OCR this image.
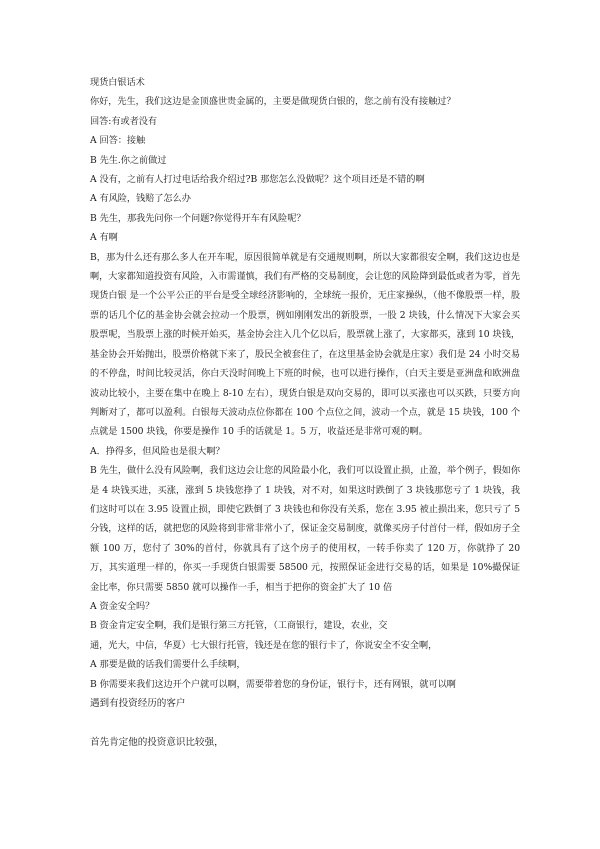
现货白银话术

你好，先生，我们这边是金顶盛世贵金属的，主要是做现货白银的，您之前有没有接触过？

回答:有或者没有

A 回答：接触

B 先生.你之前做过

A 没有，之前有人打过电话给我介绍过?B 那您怎么没做呢？这个项目还是不错的啊

A 有风险，钱赔了怎么办

B 先生，那我先问你一个问题?你觉得开车有风险呢？

A 有啊

B，那为什么还有那么多人在开车呢，原因很简单就是有交通规则啊，所以大家都很安全啊，我们这边也是啊，大家都知道投资有风险，入市需谨慎，我们有严格的交易制度，会让您的风险降到最低或者为零，首先现货白银 是一个公平公正的平台是受全球经济影响的，全球统一报价，无庄家操纵，（他不像股票一样，股票的话几个亿的基金协会就会拉动一个股票，例如刚刚发出的新股票，一股 2 块钱，什么情况下大家会买股票呢，当股票上涨的时候开始买，基金协会注入几个亿以后，股票就上涨了，大家都买，涨到 10 块钱，基金协会开始抛出，股票价格就下来了，股民全被套住了，在这里基金协会就是庄家）我们是 24 小时交易的不停盘，时间比较灵活，你白天没时间晚上下班的时候，也可以进行操作，（白天主要是亚洲盘和欧洲盘波动比较小，主要在集中在晚上 8-10 左右），现货白银是双向交易的，即可以买涨也可以买跌，只要方向判断对了，都可以盈利。白银每天波动点位你都在 100 个点位之间，波动一个点，就是 15 块钱，100 个点就是 1500 块钱，你要是操作 10 手的话就是 1。5 万，收益还是非常可观的啊。

A．挣得多，但风险也是很大啊？

B 先生，做什么没有风险啊，我们这边会让您的风险最小化，我们可以设置止损，止盈，举个例子，假如你是 4 块钱买进，买涨，涨到 5 块钱您挣了 1 块钱，对不对，如果这时跌倒了 3 块钱那您亏了 1 块钱，我们这时可以在 3.95 设置止损，即使它跌倒了 3 块钱也和你没有关系，您在 3.95 被止损出来，您只亏了 5 分钱，这样的话，就把您的风险将到非常非常小了，保证金交易制度，就像买房子付首付一样，假如房子全额 100 万，您付了 30%的首付，你就具有了这个房子的使用权，一转手你卖了 120 万，你就挣了 20 万，其实道理一样的，你买一手现货白银需要 58500 元，按照保证金进行交易的话，如果是 10%撮保证金比率，你只需要 5850 就可以操作一手，相当于把你的资金扩大了 10 倍

A 资金安全吗？

B 资金肯定安全啊，我们是银行第三方托管，（工商银行，建设，农业，交

通，光大，中信，华夏）七大银行托管，钱还是在您的银行卡了，你说安全不安全啊，

A 那要是做的话我们需要什么手续啊，

B 你需要来我们这边开个户就可以啊，需要带着您的身份证，银行卡，还有网银，就可以啊

遇到有投资经历的客户

首先肯定他的投资意识比较强，
